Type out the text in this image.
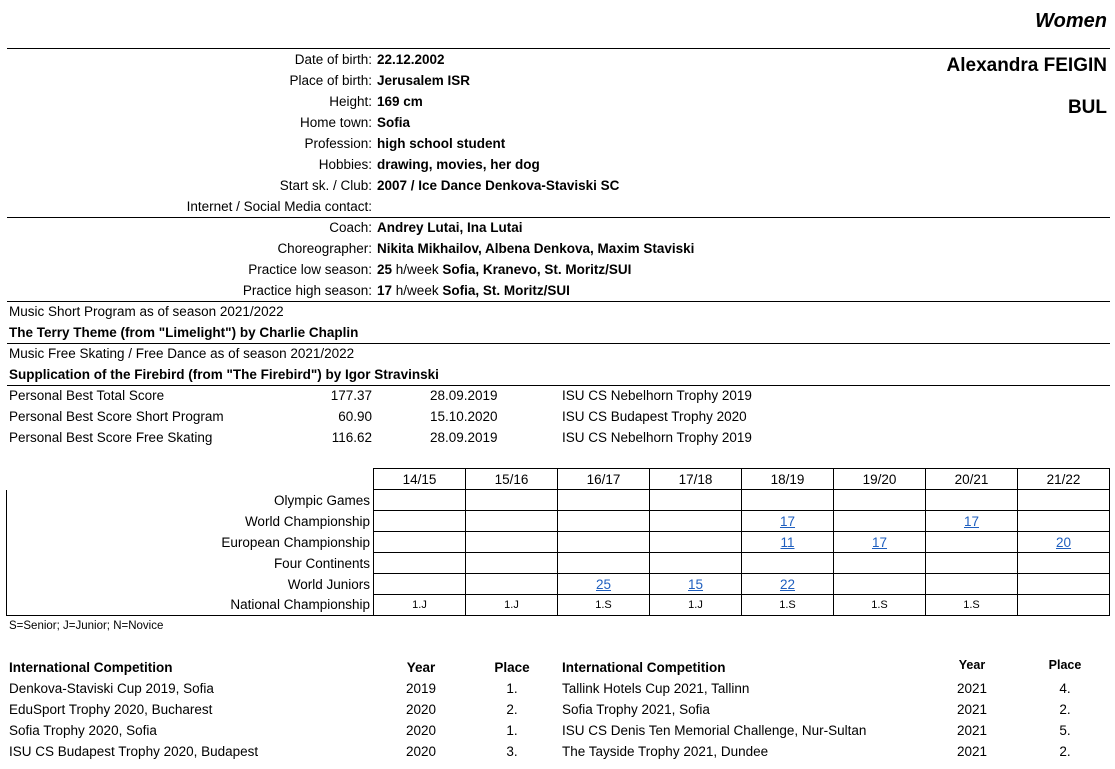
Women
Alexandra FEIGIN
BUL
Date of birth: 22.12.2002
Place of birth: Jerusalem ISR
Height: 169 cm
Home town: Sofia
Profession: high school student
Hobbies: drawing, movies, her dog
Start sk. / Club: 2007 / Ice Dance Denkova-Staviski SC
Internet / Social Media contact:
Coach: Andrey Lutai, Ina Lutai
Choreographer: Nikita Mikhailov, Albena Denkova, Maxim Staviski
Practice low season: 25 h/week Sofia, Kranevo, St. Moritz/SUI
Practice high season: 17 h/week Sofia, St. Moritz/SUI
Music Short Program as of season 2021/2022
The Terry Theme (from "Limelight") by Charlie Chaplin
Music Free Skating / Free Dance as of season 2021/2022
Supplication of the Firebird (from "The Firebird") by Igor Stravinski
Personal Best Total Score	177.37	28.09.2019	ISU CS Nebelhorn Trophy 2019
Personal Best Score Short Program	60.90	15.10.2020	ISU CS Budapest Trophy 2020
Personal Best Score Free Skating	116.62	28.09.2019	ISU CS Nebelhorn Trophy 2019
	14/15	15/16	16/17	17/18	18/19	19/20	20/21	21/22
Olympic Games								
World Championship					17		17	
European Championship					11	17		20
Four Continents								
World Juniors			25	15	22			
National Championship	1.J	1.J	1.S	1.J	1.S	1.S	1.S	
S=Senior; J=Junior; N=Novice
International Competition	Year	Place	International Competition	Year	Place
Denkova-Staviski Cup 2019, Sofia	2019	1.
EduSport Trophy 2020, Bucharest	2020	2.
Sofia Trophy 2020, Sofia	2020	1.
ISU CS Budapest Trophy 2020, Budapest	2020	3.
Tallink Hotels Cup 2021, Tallinn	2021	4.
Sofia Trophy 2021, Sofia	2021	2.
ISU CS Denis Ten Memorial Challenge, Nur-Sultan	2021	5.
The Tayside Trophy 2021, Dundee	2021	2.
